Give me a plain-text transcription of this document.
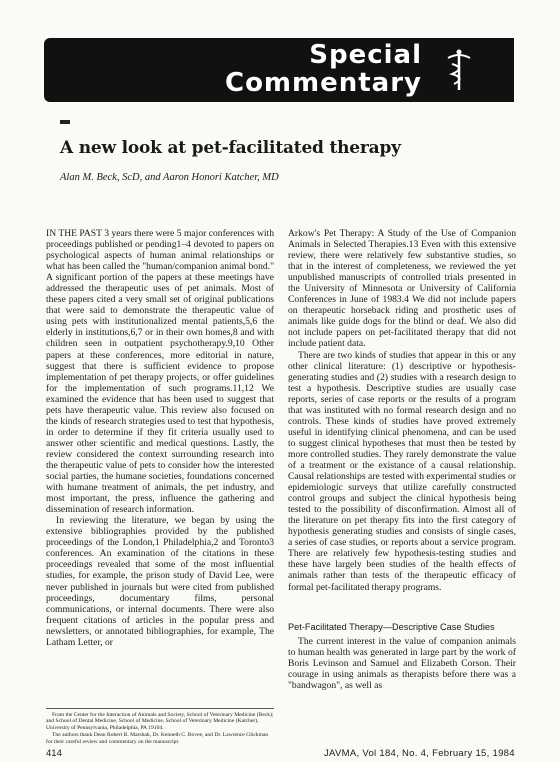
Special
Commentary
A new look at pet-facilitated therapy
Alan M. Beck, ScD, and Aaron Honori Katcher, MD

IN THE PAST 3 years there were 5 major conferences with proceedings published or pending1–4 devoted to papers on psychological aspects of human animal relationships or what has been called the "human/companion animal bond." A significant portion of the papers at these meetings have addressed the therapeutic uses of pet animals. Most of these papers cited a very small set of original publications that were said to demonstrate the therapeutic value of using pets with institutionalized mental patients,5,6 the elderly in institutions,6,7 or in their own homes,8 and with children seen in outpatient psychotherapy.9,10 Other papers at these conferences, more editorial in nature, suggest that there is sufficient evidence to propose implementation of pet therapy projects, or offer guidelines for the implementation of such programs.11,12 We examined the evidence that has been used to suggest that pets have therapeutic value. This review also focused on the kinds of research strategies used to test that hypothesis, in order to determine if they fit criteria usually used to answer other scientific and medical questions. Lastly, the review considered the context surrounding research into the therapeutic value of pets to consider how the interested social parties, the humane societies, foundations concerned with humane treatment of animals, the pet industry, and most important, the press, influence the gathering and dissemination of research information.

In reviewing the literature, we began by using the extensive bibliographies provided by the published proceedings of the London,1 Philadelphia,2 and Toronto3 conferences. An examination of the citations in these proceedings revealed that some of the most influential studies, for example, the prison study of David Lee, were never published in journals but were cited from published proceedings, documentary films, personal communications, or internal documents. There were also frequent citations of articles in the popular press and newsletters, or annotated bibliographies, for example, The Latham Letter, or

Arkow's Pet Therapy: A Study of the Use of Companion Animals in Selected Therapies.13 Even with this extensive review, there were relatively few substantive studies, so that in the interest of completeness, we reviewed the yet unpublished manuscripts of controlled trials presented in the University of Minnesota or University of California Conferences in June of 1983.4 We did not include papers on therapeutic horseback riding and prosthetic uses of animals like guide dogs for the blind or deaf. We also did not include papers on pet-facilitated therapy that did not include patient data.

There are two kinds of studies that appear in this or any other clinical literature: (1) descriptive or hypothesis-generating studies and (2) studies with a research design to test a hypothesis. Descriptive studies are usually case reports, series of case reports or the results of a program that was instituted with no formal research design and no controls. These kinds of studies have proved extremely useful in identifying clinical phenomena, and can be used to suggest clinical hypotheses that must then be tested by more controlled studies. They rarely demonstrate the value of a treatment or the existance of a causal relationship. Causal relationships are tested with experimental studies or epidemiologic surveys that utilize carefully constructed control groups and subject the clinical hypothesis being tested to the possibility of disconfirmation. Almost all of the literature on pet therapy fits into the first category of hypothesis generating studies and consists of single cases, a series of case studies, or reports about a service program. There are relatively few hypothesis-testing studies and these have largely been studies of the health effects of animals rather than tests of the therapeutic efficacy of formal pet-facilitated therapy programs.

Pet-Facilitated Therapy—Descriptive Case Studies

The current interest in the value of companion animals to human health was generated in large part by the work of Boris Levinson and Samuel and Elizabeth Corson. Their courage in using animals as therapists before there was a "bandwagon", as well as

From the Center for the Interaction of Animals and Society, School of Veterinary Medicine (Beck); and School of Dental Medicine, School of Medicine, School of Veterinary Medicine (Katcher), University of Pennsylvania, Philadelphia, PA 19104.

The authors thank Dean Robert R. Marshak, Dr. Kenneth C. Bovee, and Dr. Lawrence Glickman for their careful review and commentary on the manuscript.

414	JAVMA, Vol 184, No. 4, February 15, 1984
